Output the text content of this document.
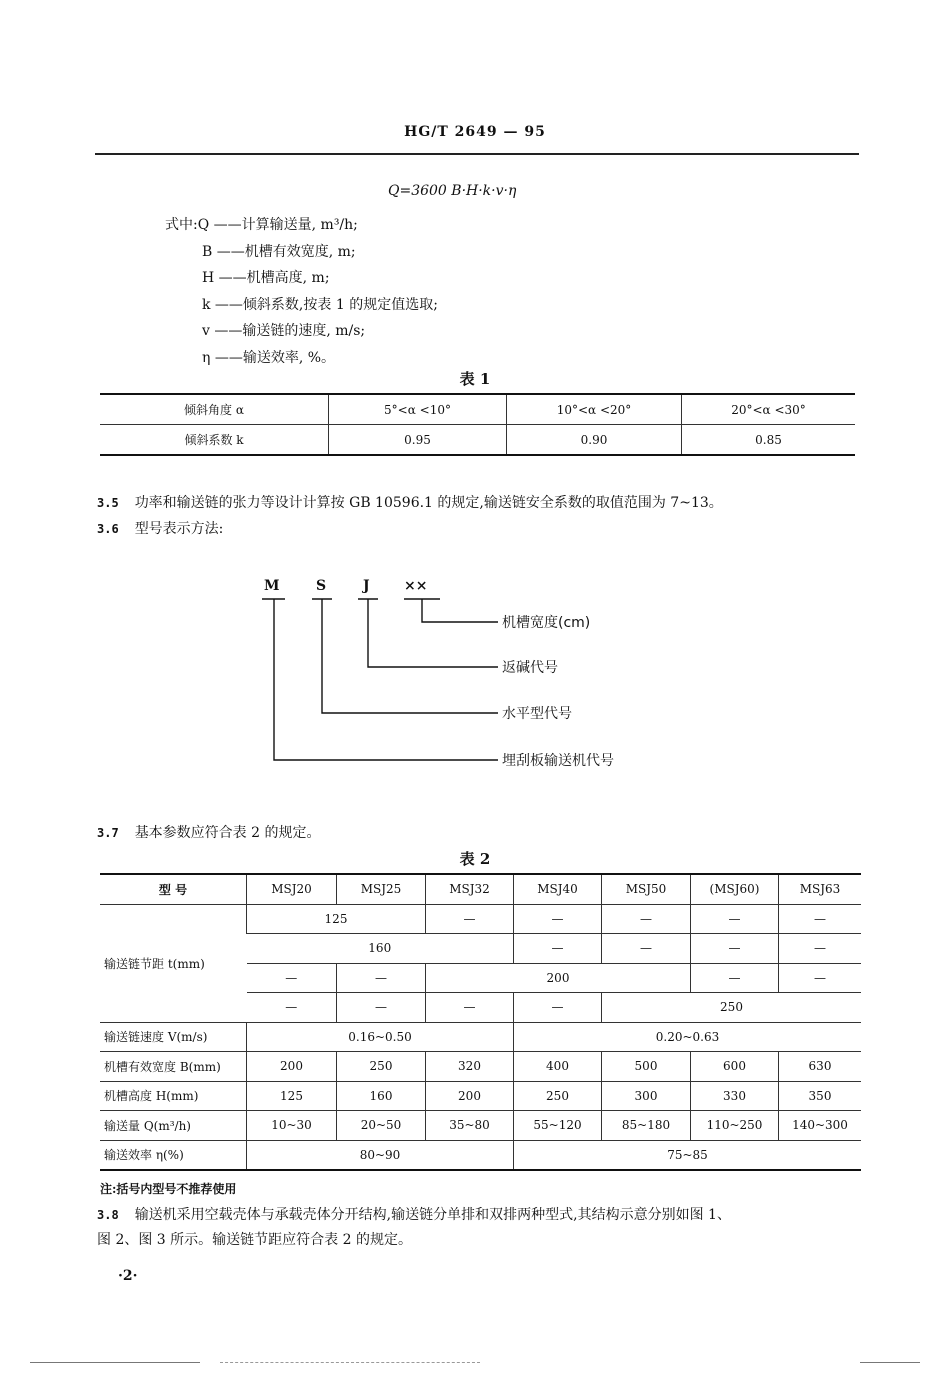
HG/T 2649 — 95
Q=3600 B·H·k·v·η
式中:Q ——计算输送量, m³/h;
B ——机槽有效宽度, m;
H ——机槽高度, m;
k ——倾斜系数,按表 1 的规定值选取;
v ——输送链的速度, m/s;
η ——输送效率, %。
表 1
倾斜角度 α	5°<α <10°	10°<α <20°	20°<α <30°
倾斜系数 k	0.95	0.90	0.85
3.5 功率和输送链的张力等设计计算按 GB 10596.1 的规定,输送链安全系数的取值范围为 7~13。
3.6 型号表示方法:
M	S	J ××
机槽宽度(cm)
返碱代号
水平型代号
埋刮板输送机代号
3.7 基本参数应符合表 2 的规定。
表 2
型 号	MSJ20	MSJ25	MSJ32	MSJ40	MSJ50	(MSJ60)	MSJ63
输送链节距 t(mm)	125		—	—	—	—	—
	160			—	—	—	—
	—	—	200			—	—
	—	—	—	—	250		
输送链速度 V(m/s)	0.16~0.50			0.20~0.63			
机槽有效宽度 B(mm)	200	250	320	400	500	600	630
机槽高度 H(mm)	125	160	200	250	300	330	350
输送量 Q(m³/h)	10~30	20~50	35~80	55~120	85~180	110~250	140~300
输送效率 η(%)	80~90			75~85			
注:括号内型号不推荐使用
3.8 输送机采用空载壳体与承载壳体分开结构,输送链分单排和双排两种型式,其结构示意分别如图 1、
图 2、图 3 所示。输送链节距应符合表 2 的规定。
·2·
